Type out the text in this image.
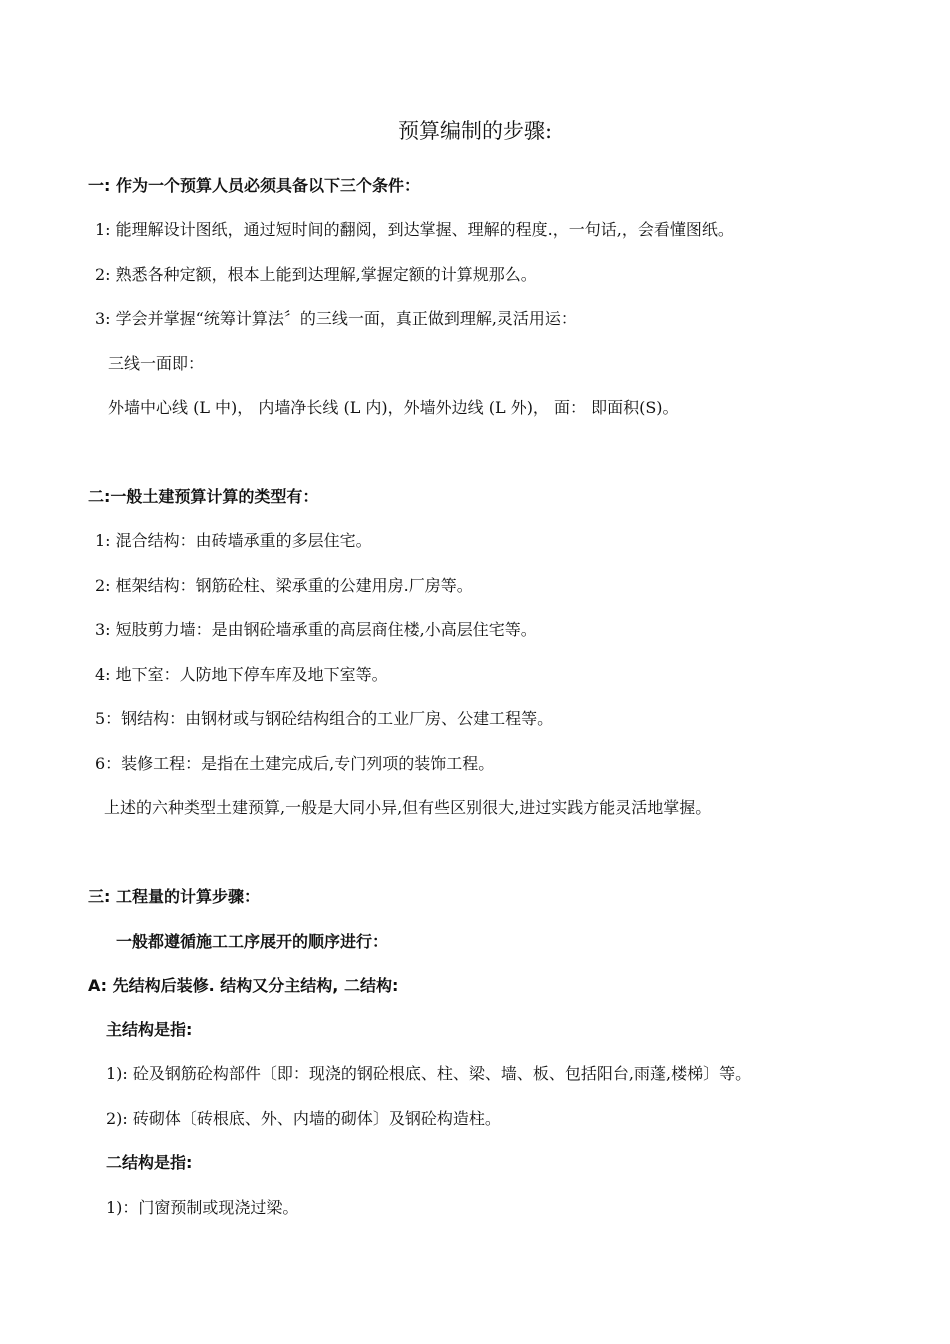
预算编制的步骤:
一: 作为一个预算人员必须具备以下三个条件：
1: 能理解设计图纸，通过短时间的翻阅，到达掌握、理解的程度.，一句话,，会看懂图纸。
2: 熟悉各种定额，根本上能到达理解,掌握定额的计算规那么。
3: 学会并掌握“统筹计算法〞的三线一面，真正做到理解,灵活用运：
三线一面即：
外墙中心线 (L 中)， 内墙净长线 (L 内)，外墙外边线 (L 外)， 面： 即面积(S)。
二:一般土建预算计算的类型有：
1: 混合结构：由砖墙承重的多层住宅。
2: 框架结构：钢筋砼柱、梁承重的公建用房.厂房等。
3: 短肢剪力墙：是由钢砼墙承重的高层商住楼,小高层住宅等。
4: 地下室：人防地下停车库及地下室等。
5：钢结构：由钢材或与钢砼结构组合的工业厂房、公建工程等。
6：装修工程：是指在土建完成后,专门列项的装饰工程。
上述的六种类型土建预算,一般是大同小异,但有些区别很大,进过实践方能灵活地掌握。
三: 工程量的计算步骤：
一般都遵循施工工序展开的顺序进行：
A: 先结构后装修. 结构又分主结构, 二结构:
主结构是指:
1): 砼及钢筋砼构部件〔即：现浇的钢砼根底、柱、梁、墙、板、包括阳台,雨蓬,楼梯〕等。
2): 砖砌体〔砖根底、外、内墙的砌体〕及钢砼构造柱。
二结构是指:
1)：门窗预制或现浇过梁。
